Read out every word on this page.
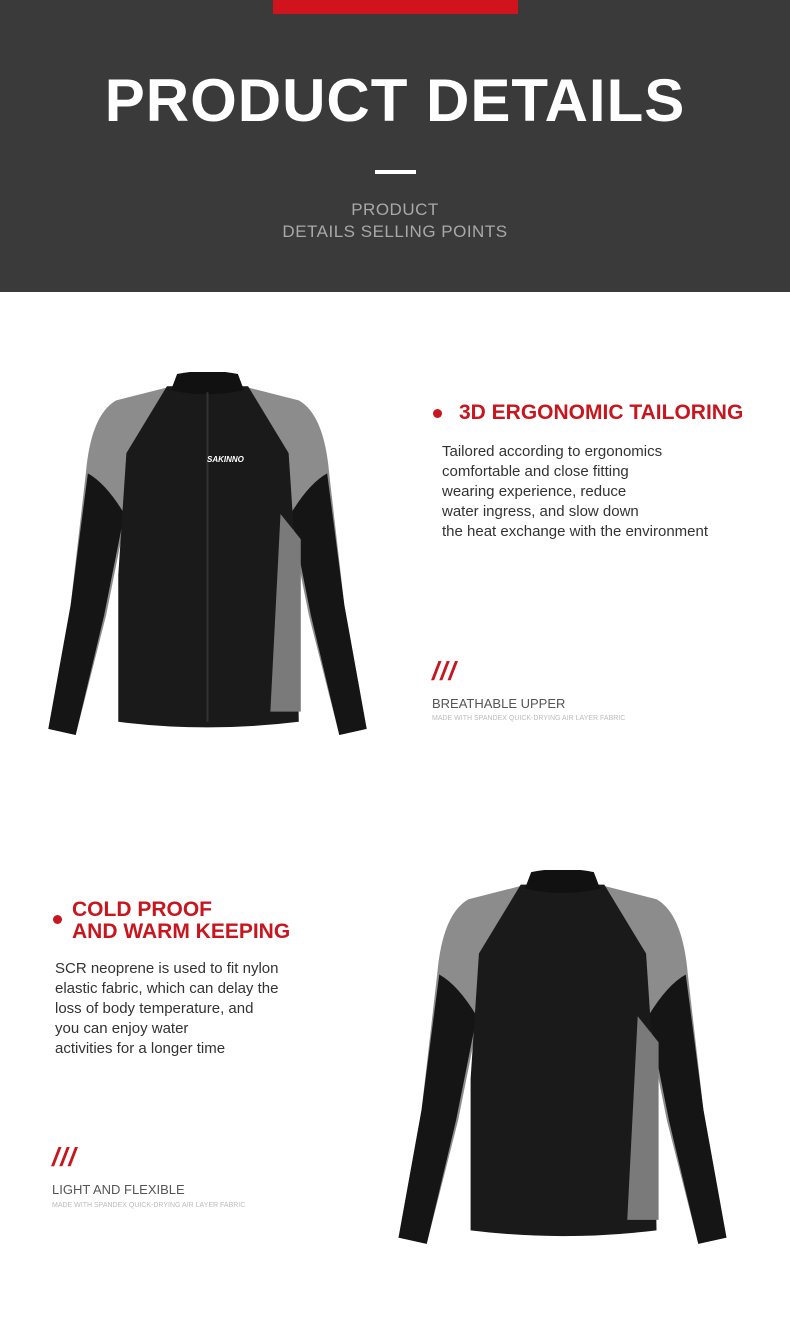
PRODUCT DETAILS
PRODUCT
DETAILS SELLING POINTS
SAKINNO
3D ERGONOMIC TAILORING
Tailored according to ergonomics
comfortable and close fitting
wearing experience, reduce
water ingress, and slow down
the heat exchange with the environment
///
BREATHABLE UPPER
MADE WITH SPANDEX QUICK-DRYING AIR LAYER FABRIC
COLD PROOF
AND WARM KEEPING
SCR neoprene is used to fit nylon
elastic fabric, which can delay the
loss of body temperature, and
you can enjoy water
activities for a longer time
///
LIGHT AND FLEXIBLE
MADE WITH SPANDEX QUICK-DRYING AIR LAYER FABRIC
